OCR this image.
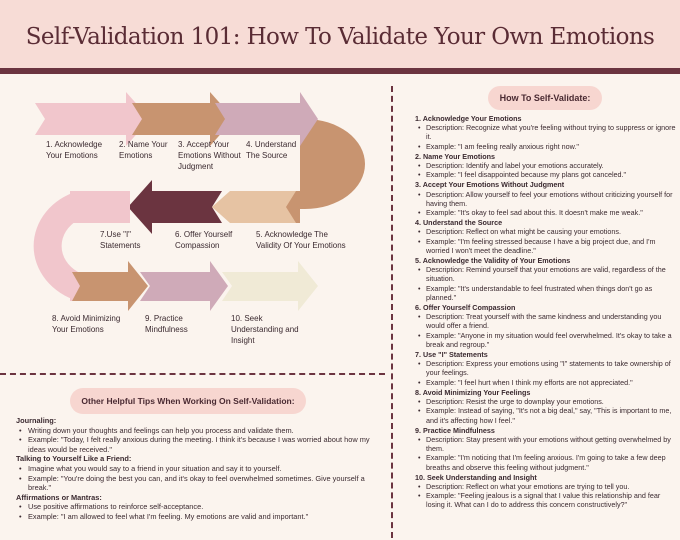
Self-Validation 101: How To Validate Your Own Emotions
1. Acknowledge
Your Emotions
2. Name Your
Emotions
3. Accept Your
Emotions Without
Judgment
4. Understand
The Source
5. Acknowledge The
Validity Of Your Emotions
6. Offer Yourself
Compassion
7.Use "I"
Statements
8. Avoid Minimizing
Your Emotions
9. Practice
Mindfulness
10. Seek
Understanding and
Insight
How To Self-Validate:
1. Acknowledge Your Emotions
• Description: Recognize what you're feeling without trying to suppress or ignore it.
• Example: "I am feeling really anxious right now."
2. Name Your Emotions
• Description: Identify and label your emotions accurately.
• Example: "I feel disappointed because my plans got canceled."
3. Accept Your Emotions Without Judgment
• Description: Allow yourself to feel your emotions without criticizing yourself for having them.
• Example: "It's okay to feel sad about this. It doesn't make me weak."
4. Understand the Source
• Description: Reflect on what might be causing your emotions.
• Example: "I'm feeling stressed because I have a big project due, and I'm worried I won't meet the deadline."
5. Acknowledge the Validity of Your Emotions
• Description: Remind yourself that your emotions are valid, regardless of the situation.
• Example: "It's understandable to feel frustrated when things don't go as planned."
6. Offer Yourself Compassion
• Description: Treat yourself with the same kindness and understanding you would offer a friend.
• Example: "Anyone in my situation would feel overwhelmed. It's okay to take a break and regroup."
7. Use "I" Statements
• Description: Express your emotions using "I" statements to take ownership of your feelings.
• Example: "I feel hurt when I think my efforts are not appreciated."
8. Avoid Minimizing Your Feelings
• Description: Resist the urge to downplay your emotions.
• Example: Instead of saying, "It's not a big deal," say, "This is important to me, and it's affecting how I feel."
9. Practice Mindfulness
• Description: Stay present with your emotions without getting overwhelmed by them.
• Example: "I'm noticing that I'm feeling anxious. I'm going to take a few deep breaths and observe this feeling without judgment."
10. Seek Understanding and Insight
• Description: Reflect on what your emotions are trying to tell you.
• Example: "Feeling jealous is a signal that I value this relationship and fear losing it. What can I do to address this concern constructively?"
Other Helpful Tips When Working On Self-Validation:
Journaling:
• Writing down your thoughts and feelings can help you process and validate them.
• Example: "Today, I felt really anxious during the meeting. I think it's because I was worried about how my ideas would be received."
Talking to Yourself Like a Friend:
• Imagine what you would say to a friend in your situation and say it to yourself.
• Example: "You're doing the best you can, and it's okay to feel overwhelmed sometimes. Give yourself a break."
Affirmations or Mantras:
• Use positive affirmations to reinforce self-acceptance.
• Example: "I am allowed to feel what I'm feeling. My emotions are valid and important."
